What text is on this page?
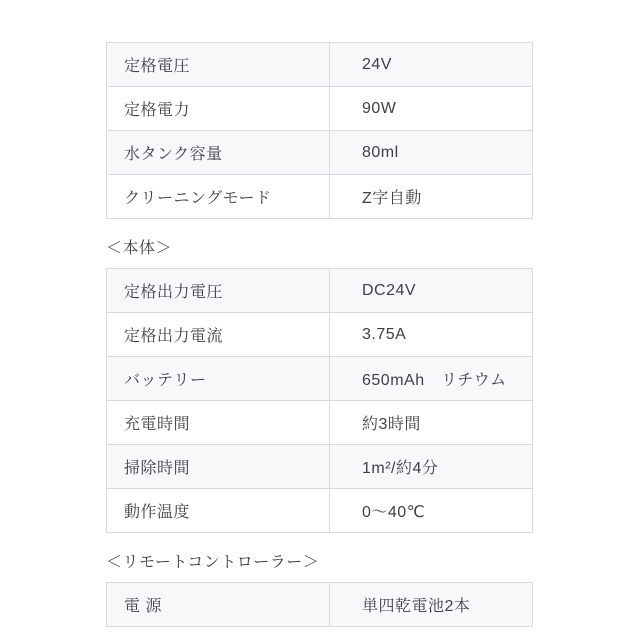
定格電圧	24V
定格電力	90W
水タンク容量	80ml
クリーニングモード	Z字自動
＜本体＞
定格出力電圧	DC24V
定格出力電流	3.75A
バッテリー	650mAh　リチウム
充電時間	約3時間
掃除時間	1m²/約4分
動作温度	0〜40℃
＜リモートコントローラー＞
電 源	単四乾電池2本
